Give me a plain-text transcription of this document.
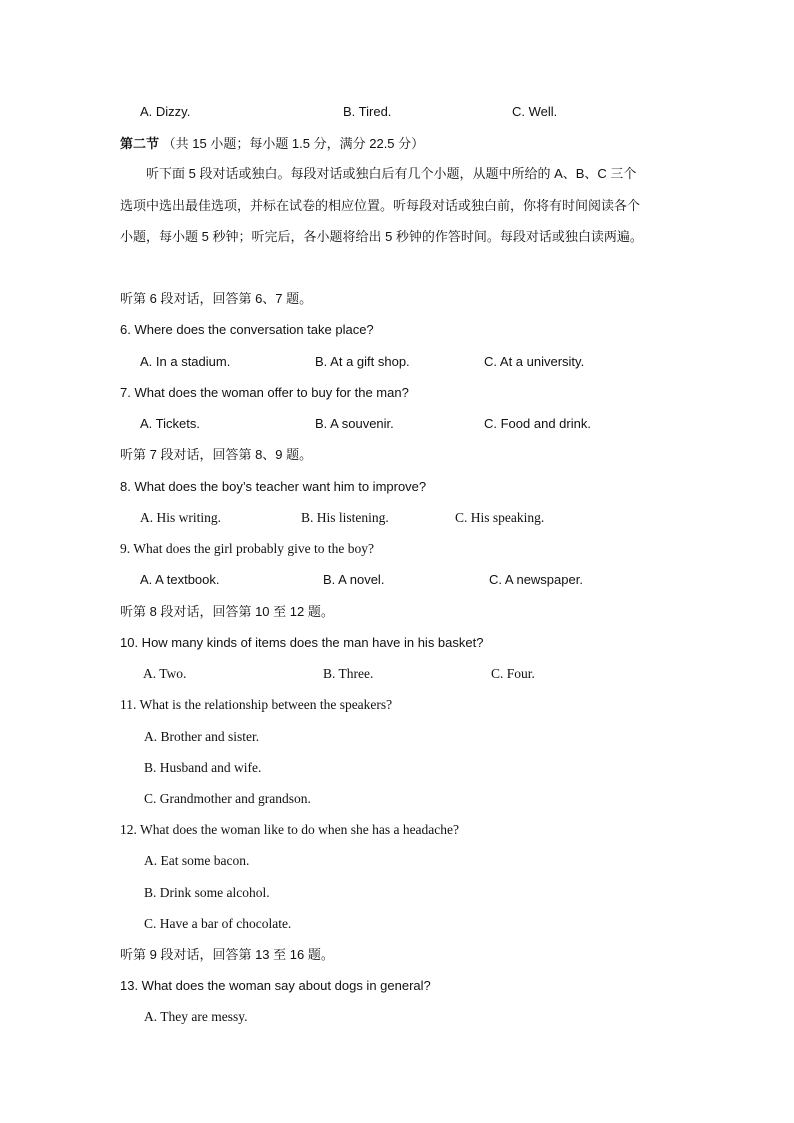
A. Dizzy.	B. Tired.	C. Well.
第二节 （共 15 小题；每小题 1.5 分，满分 22.5 分）
听下面 5 段对话或独白。每段对话或独白后有几个小题，从题中所给的 A、B、C 三个
选项中选出最佳选项，并标在试卷的相应位置。听每段对话或独白前，你将有时间阅读各个
小题，每小题 5 秒钟；听完后，各小题将给出 5 秒钟的作答时间。每段对话或独白读两遍。
听第 6 段对话，回答第 6、7 题。
6. Where does the conversation take place?
A. In a stadium.	B. At a gift shop.	C. At a university.
7. What does the woman offer to buy for the man?
A. Tickets.	B. A souvenir.	C. Food and drink.
听第 7 段对话，回答第 8、9 题。
8. What does the boy’s teacher want him to improve?
A. His writing.	B. His listening.	C. His speaking.
9. What does the girl probably give to the boy?
A. A textbook.	B. A novel.	C. A newspaper.
听第 8 段对话，回答第 10 至 12 题。
10. How many kinds of items does the man have in his basket?
A. Two.	B. Three.	C. Four.
11. What is the relationship between the speakers?
A. Brother and sister.
B. Husband and wife.
C. Grandmother and grandson.
12. What does the woman like to do when she has a headache?
A. Eat some bacon.
B. Drink some alcohol.
C. Have a bar of chocolate.
听第 9 段对话，回答第 13 至 16 题。
13. What does the woman say about dogs in general?
A. They are messy.
